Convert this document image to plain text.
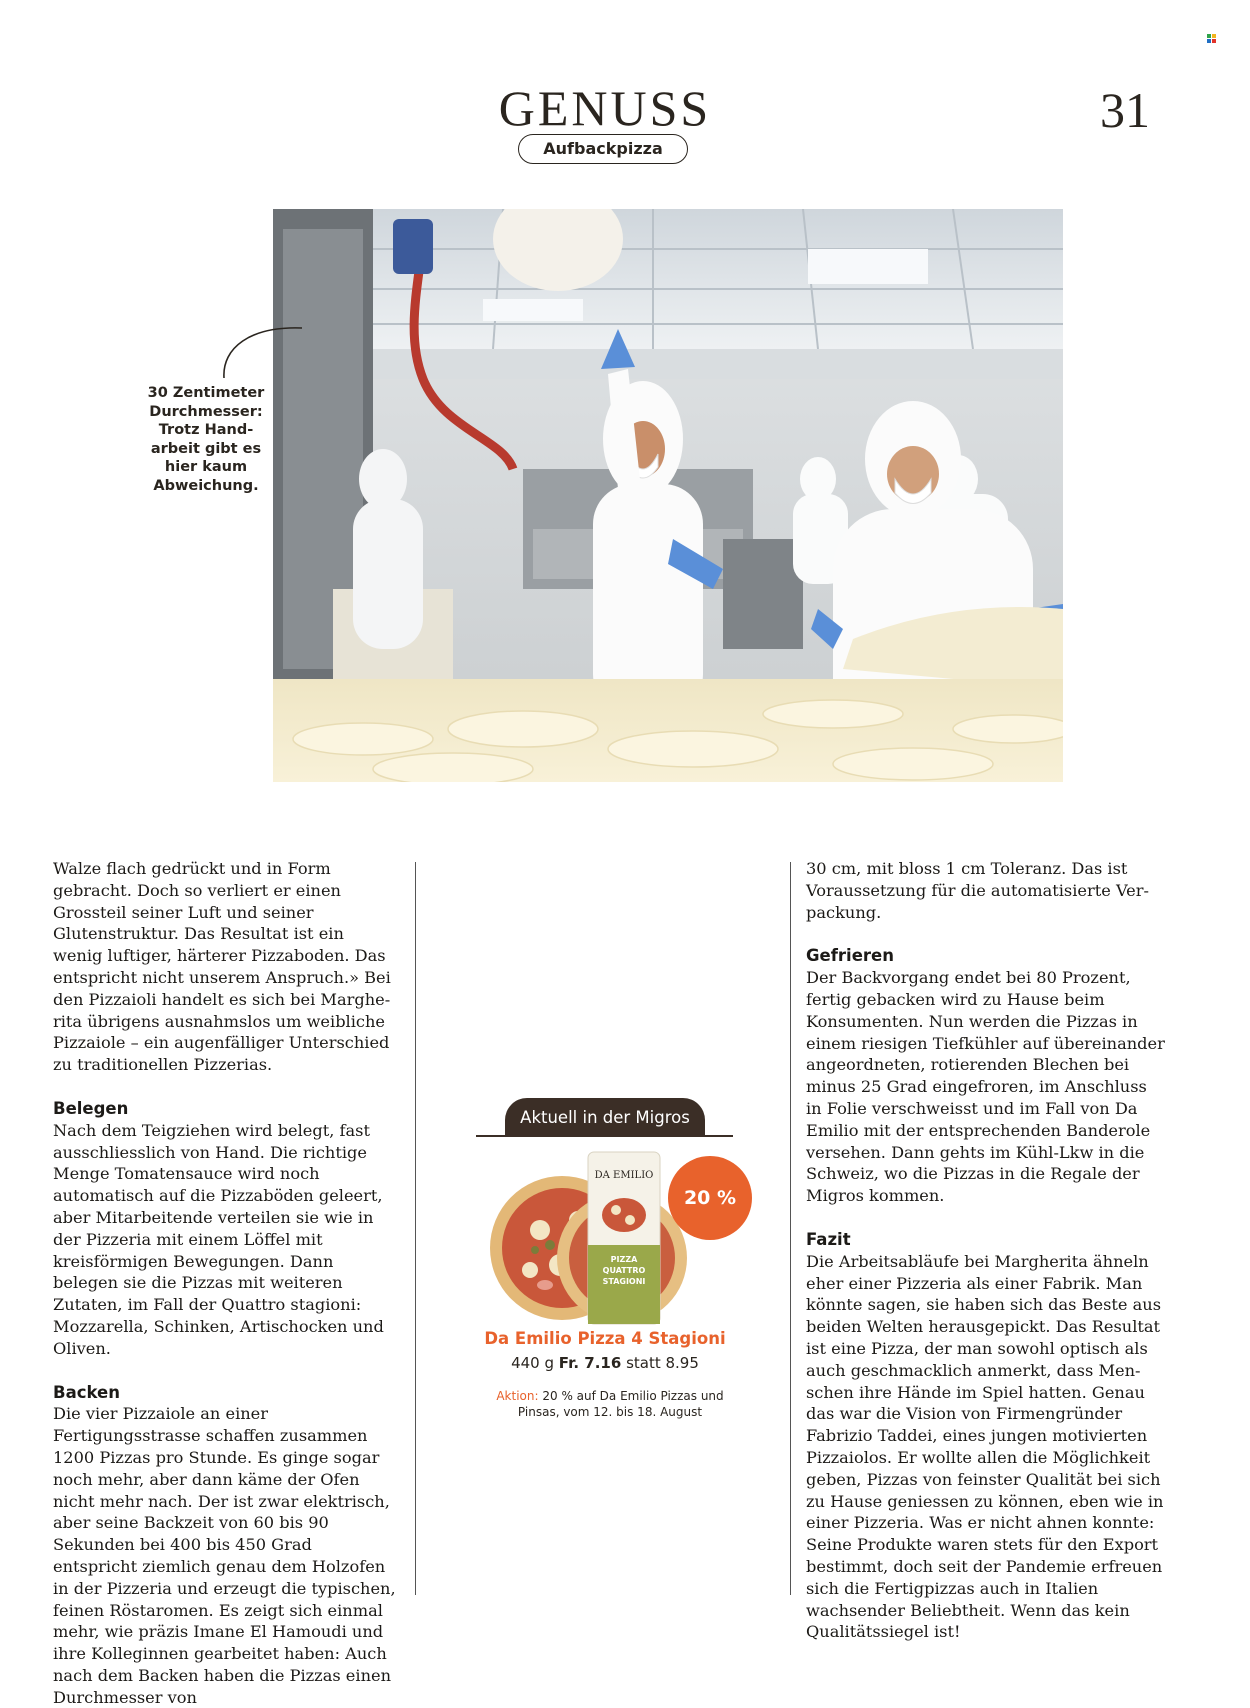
GENUSS	31
Aufbackpizza
30 Zentimeter Durchmesser: Trotz Handarbeit gibt es hier kaum Abweichung.

Walze flach gedrückt und in Form gebracht. Doch so verliert er einen Grossteil seiner Luft und seiner Glutenstruktur. Das Resultat ist ein wenig luftiger, härterer Pizzaboden. Das entspricht nicht unserem Anspruch.» Bei den Pizzaioli handelt es sich bei Margherita übrigens ausnahmslos um weibliche Pizzaiole – ein augenfälliger Unterschied zu traditionellen Pizzerias.

Belegen

Nach dem Teigziehen wird belegt, fast ausschliesslich von Hand. Die richtige Menge Tomatensauce wird noch automatisch auf die Pizzaböden geleert, aber Mitarbeitende verteilen sie wie in der Pizzeria mit einem Löffel mit kreisförmigen Bewegungen. Dann belegen sie die Pizzas mit weiteren Zutaten, im Fall der Quattro stagioni: Mozzarella, Schinken, Artischocken und Oliven.

Backen

Die vier Pizzaiole an einer Fertigungsstrasse schaffen zusammen 1200 Pizzas pro Stunde. Es ginge sogar noch mehr, aber dann käme der Ofen nicht mehr nach. Der ist zwar elektrisch, aber seine Backzeit von 60 bis 90 Sekunden bei 400 bis 450 Grad entspricht ziemlich genau dem Holzofen in der Pizzeria und erzeugt die typischen, feinen Röstaromen. Es zeigt sich einmal mehr, wie präzis Imane El Hamoudi und ihre Kolleginnen gearbeitet haben: Auch nach dem Backen haben die Pizzas einen Durchmesser von

30 cm, mit bloss 1 cm Toleranz. Das ist Voraussetzung für die automatisierte Verpackung.

Gefrieren

Der Backvorgang endet bei 80 Prozent, fertig gebacken wird zu Hause beim Konsumenten. Nun werden die Pizzas in einem riesigen Tiefkühler auf übereinander angeordneten, rotierenden Blechen bei minus 25 Grad eingefroren, im Anschluss in Folie verschweisst und im Fall von Da Emilio mit der entsprechenden Banderole versehen. Dann gehts im Kühl-Lkw in die Schweiz, wo die Pizzas in die Regale der Migros kommen.

Fazit

Die Arbeitsabläufe bei Margherita ähneln eher einer Pizzeria als einer Fabrik. Man könnte sagen, sie haben sich das Beste aus beiden Welten herausgepickt. Das Resultat ist eine Pizza, der man sowohl optisch als auch geschmacklich anmerkt, dass Menschen ihre Hände im Spiel hatten. Genau das war die Vision von Firmengründer Fabrizio Taddei, eines jungen motivierten Pizzaiolos. Er wollte allen die Möglichkeit geben, Pizzas von feinster Qualität bei sich zu Hause geniessen zu können, eben wie in einer Pizzeria. Was er nicht ahnen konnte: Seine Produkte waren stets für den Export bestimmt, doch seit der Pandemie erfreuen sich die Fertigpizzas auch in Italien wachsender Beliebtheit. Wenn das kein Qualitätssiegel ist!

Aktuell in der Migros
DA EMILIO
PIZZA
QUATTRO
STAGIONI
20 %
Da Emilio Pizza 4 Stagioni
440 g Fr. 7.16 statt 8.95
Aktion: 20 % auf Da Emilio Pizzas und Pinsas, vom 12. bis 18. August
